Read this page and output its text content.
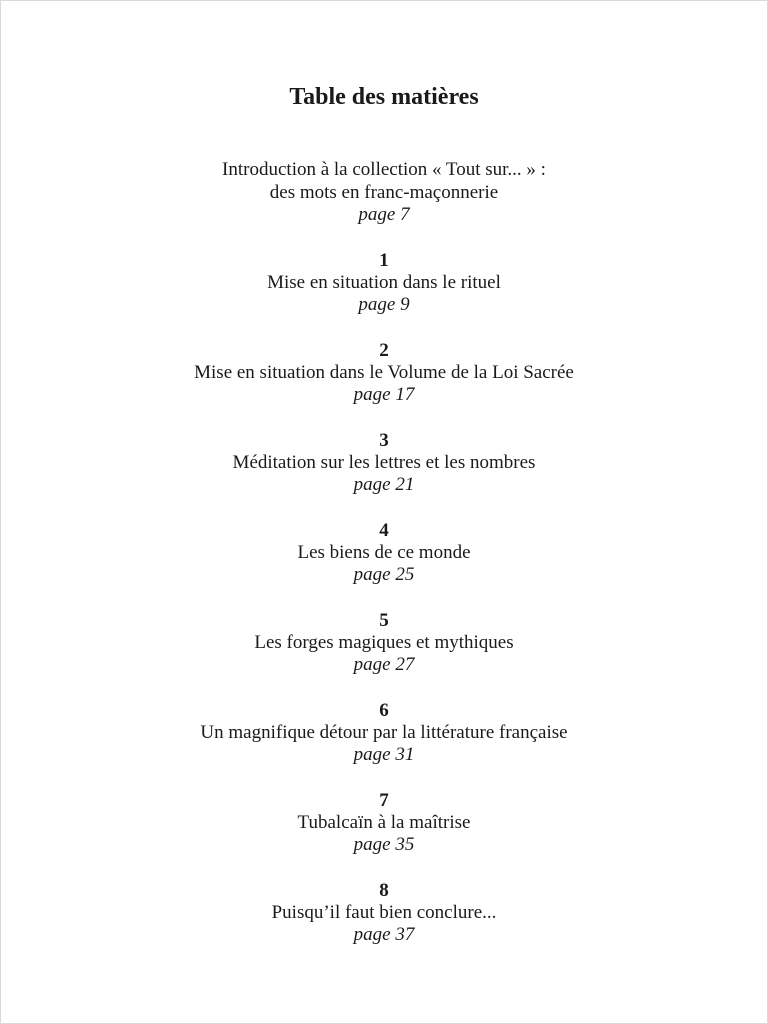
Table des matières
Introduction à la collection « Tout sur... » :
des mots en franc-maçonnerie
page 7
1
Mise en situation dans le rituel
page 9
2
Mise en situation dans le Volume de la Loi Sacrée
page 17
3
Méditation sur les lettres et les nombres
page 21
4
Les biens de ce monde
page 25
5
Les forges magiques et mythiques
page 27
6
Un magnifique détour par la littérature française
page 31
7
Tubalcaïn à la maîtrise
page 35
8
Puisqu’il faut bien conclure...
page 37
